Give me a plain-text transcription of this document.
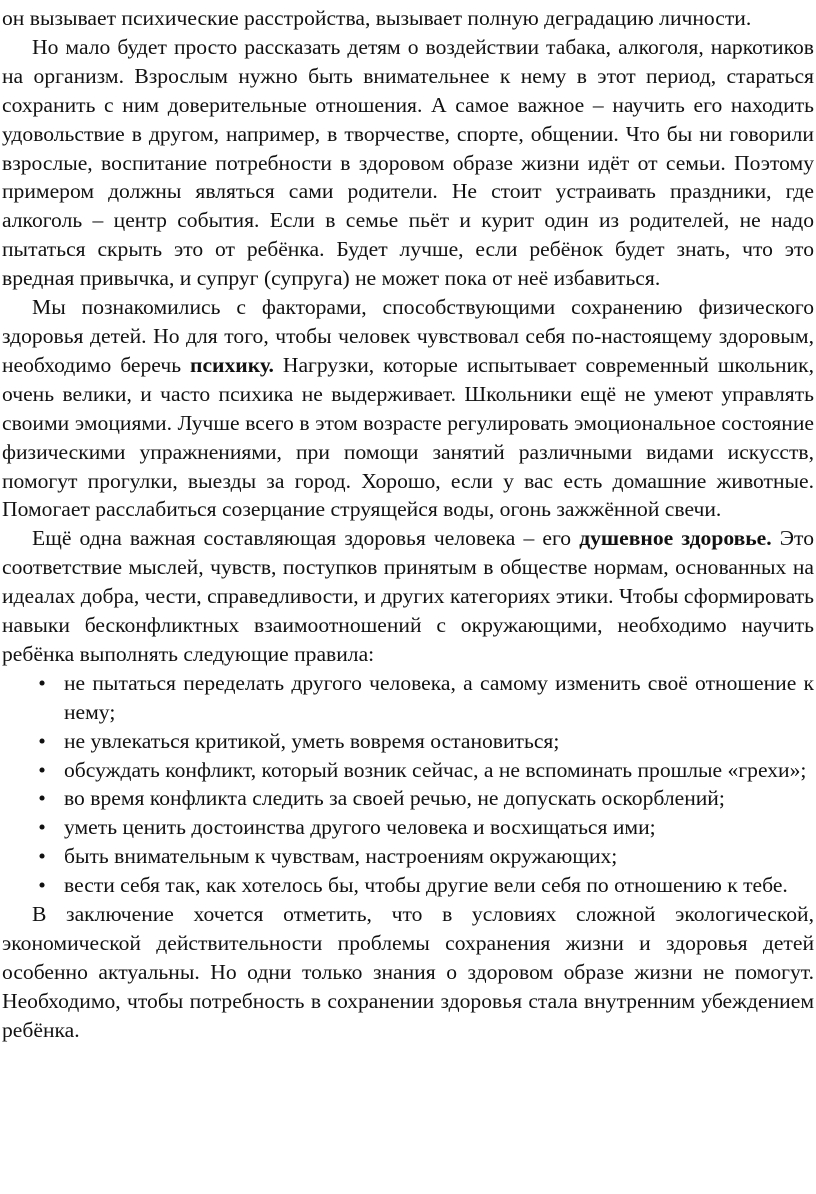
он вызывает психические расстройства, вызывает полную деградацию личности.

Но мало будет просто рассказать детям о воздействии табака, алкоголя, наркотиков на организм. Взрослым нужно быть внимательнее к нему в этот период, стараться сохранить с ним доверительные отношения. А самое важное – научить его находить удовольствие в другом, например, в творчестве, спорте, общении. Что бы ни говорили взрослые, воспитание потребности в здоровом образе жизни идёт от семьи. Поэтому примером должны являться сами родители. Не стоит устраивать праздники, где алкоголь – центр события. Если в семье пьёт и курит один из родителей, не надо пытаться скрыть это от ребёнка. Будет лучше, если ребёнок будет знать, что это вредная привычка, и супруг (супруга) не может пока от неё избавиться.

Мы познакомились с факторами, способствующими сохранению физического здоровья детей. Но для того, чтобы человек чувствовал себя по-настоящему здоровым, необходимо беречь психику. Нагрузки, которые испытывает современный школьник, очень велики, и часто психика не выдерживает. Школьники ещё не умеют управлять своими эмоциями. Лучше всего в этом возрасте регулировать эмоциональное состояние физическими упражнениями, при помощи занятий различными видами искусств, помогут прогулки, выезды за город. Хорошо, если у вас есть домашние животные. Помогает расслабиться созерцание струящейся воды, огонь зажжённой свечи.

Ещё одна важная составляющая здоровья человека – его душевное здоровье. Это соответствие мыслей, чувств, поступков принятым в обществе нормам, основанных на идеалах добра, чести, справедливости, и других категориях этики. Чтобы сформировать навыки бесконфликтных взаимоотношений с окружающими, необходимо научить ребёнка выполнять следующие правила:

• не пытаться переделать другого человека, а самому изменить своё отношение к нему;
• не увлекаться критикой, уметь вовремя остановиться;
• обсуждать конфликт, который возник сейчас, а не вспоминать прошлые «грехи»;
• во время конфликта следить за своей речью, не допускать оскорблений;
• уметь ценить достоинства другого человека и восхищаться ими;
• быть внимательным к чувствам, настроениям окружающих;
• вести себя так, как хотелось бы, чтобы другие вели себя по отношению к тебе.

В заключение хочется отметить, что в условиях сложной экологической, экономической действительности проблемы сохранения жизни и здоровья детей особенно актуальны. Но одни только знания о здоровом образе жизни не помогут. Необходимо, чтобы потребность в сохранении здоровья стала внутренним убеждением ребёнка.
